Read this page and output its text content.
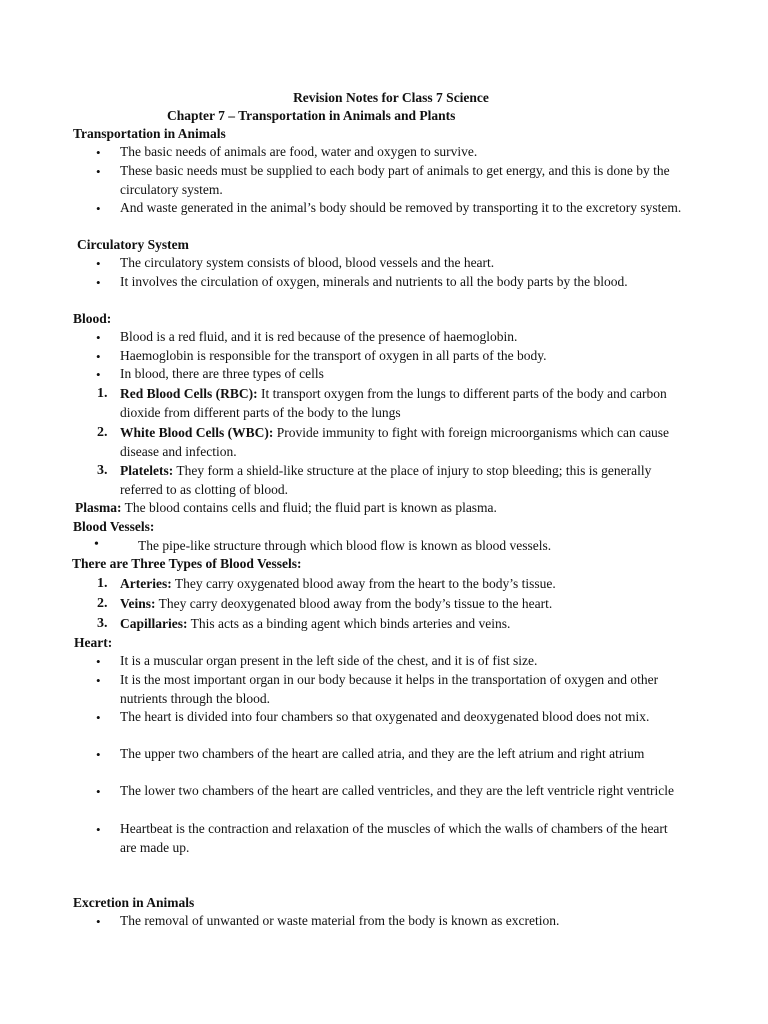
Revision Notes for Class 7 Science
Chapter 7 – Transportation in Animals and Plants
Transportation in Animals
• The basic needs of animals are food, water and oxygen to survive.
• These basic needs must be supplied to each body part of animals to get energy, and this is done by the circulatory system.
• And waste generated in the animal’s body should be removed by transporting it to the excretory system.
Circulatory System
• The circulatory system consists of blood, blood vessels and the heart.
• It involves the circulation of oxygen, minerals and nutrients to all the body parts by the blood.
Blood:
• Blood is a red fluid, and it is red because of the presence of haemoglobin.
• Haemoglobin is responsible for the transport of oxygen in all parts of the body.
• In blood, there are three types of cells
1. Red Blood Cells (RBC): It transport oxygen from the lungs to different parts of the body and carbon dioxide from different parts of the body to the lungs
2. White Blood Cells (WBC): Provide immunity to fight with foreign microorganisms which can cause disease and infection.
3. Platelets: They form a shield-like structure at the place of injury to stop bleeding; this is generally referred to as clotting of blood.
Plasma: The blood contains cells and fluid; the fluid part is known as plasma.
Blood Vessels:
•	The pipe-like structure through which blood flow is known as blood vessels.
There are Three Types of Blood Vessels:
1. Arteries: They carry oxygenated blood away from the heart to the body’s tissue.
2. Veins: They carry deoxygenated blood away from the body’s tissue to the heart.
3. Capillaries: This acts as a binding agent which binds arteries and veins.
Heart:
• It is a muscular organ present in the left side of the chest, and it is of fist size.
• It is the most important organ in our body because it helps in the transportation of oxygen and other nutrients through the blood.
• The heart is divided into four chambers so that oxygenated and deoxygenated blood does not mix.
• The upper two chambers of the heart are called atria, and they are the left atrium and right atrium
• The lower two chambers of the heart are called ventricles, and they are the left ventricle right ventricle
• Heartbeat is the contraction and relaxation of the muscles of which the walls of chambers of the heart are made up.
Excretion in Animals
• The removal of unwanted or waste material from the body is known as excretion.
